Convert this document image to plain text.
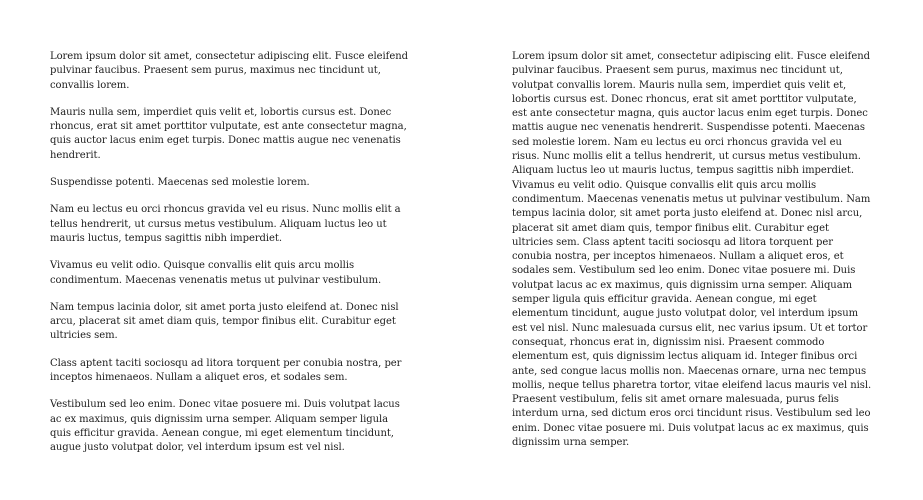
Lorem ipsum dolor sit amet, consectetur adipiscing elit. Fusce eleifend pulvinar faucibus. Praesent sem purus, maximus nec tincidunt ut, convallis lorem.

Mauris nulla sem, imperdiet quis velit et, lobortis cursus est. Donec rhoncus, erat sit amet porttitor vulputate, est ante consectetur magna, quis auctor lacus enim eget turpis. Donec mattis augue nec venenatis hendrerit.

Suspendisse potenti. Maecenas sed molestie lorem.

Nam eu lectus eu orci rhoncus gravida vel eu risus. Nunc mollis elit a tellus hendrerit, ut cursus metus vestibulum. Aliquam luctus leo ut mauris luctus, tempus sagittis nibh imperdiet.

Vivamus eu velit odio. Quisque convallis elit quis arcu mollis condimentum. Maecenas venenatis metus ut pulvinar vestibulum.

Nam tempus lacinia dolor, sit amet porta justo eleifend at. Donec nisl arcu, placerat sit amet diam quis, tempor finibus elit. Curabitur eget ultricies sem.

Class aptent taciti sociosqu ad litora torquent per conubia nostra, per inceptos himenaeos. Nullam a aliquet eros, et sodales sem.

Vestibulum sed leo enim. Donec vitae posuere mi. Duis volutpat lacus ac ex maximus, quis dignissim urna semper. Aliquam semper ligula quis efficitur gravida. Aenean congue, mi eget elementum tincidunt, augue justo volutpat dolor, vel interdum ipsum est vel nisl.

Lorem ipsum dolor sit amet, consectetur adipiscing elit. Fusce eleifend pulvinar faucibus. Praesent sem purus, maximus nec tincidunt ut, volutpat convallis lorem. Mauris nulla sem, imperdiet quis velit et, lobortis cursus est. Donec rhoncus, erat sit amet porttitor vulputate, est ante consectetur magna, quis auctor lacus enim eget turpis. Donec mattis augue nec venenatis hendrerit. Suspendisse potenti. Maecenas sed molestie lorem. Nam eu lectus eu orci rhoncus gravida vel eu risus. Nunc mollis elit a tellus hendrerit, ut cursus metus vestibulum. Aliquam luctus leo ut mauris luctus, tempus sagittis nibh imperdiet. Vivamus eu velit odio. Quisque convallis elit quis arcu mollis condimentum. Maecenas venenatis metus ut pulvinar vestibulum. Nam tempus lacinia dolor, sit amet porta justo eleifend at. Donec nisl arcu, placerat sit amet diam quis, tempor finibus elit. Curabitur eget ultricies sem. Class aptent taciti sociosqu ad litora torquent per conubia nostra, per inceptos himenaeos. Nullam a aliquet eros, et sodales sem. Vestibulum sed leo enim. Donec vitae posuere mi. Duis volutpat lacus ac ex maximus, quis dignissim urna semper. Aliquam semper ligula quis efficitur gravida. Aenean congue, mi eget elementum tincidunt, augue justo volutpat dolor, vel interdum ipsum est vel nisl. Nunc malesuada cursus elit, nec varius ipsum. Ut et tortor consequat, rhoncus erat in, dignissim nisi. Praesent commodo elementum est, quis dignissim lectus aliquam id. Integer finibus orci ante, sed congue lacus mollis non. Maecenas ornare, urna nec tempus mollis, neque tellus pharetra tortor, vitae eleifend lacus mauris vel nisl. Praesent vestibulum, felis sit amet ornare malesuada, purus felis interdum urna, sed dictum eros orci tincidunt risus. Vestibulum sed leo enim. Donec vitae posuere mi. Duis volutpat lacus ac ex maximus, quis dignissim urna semper.
